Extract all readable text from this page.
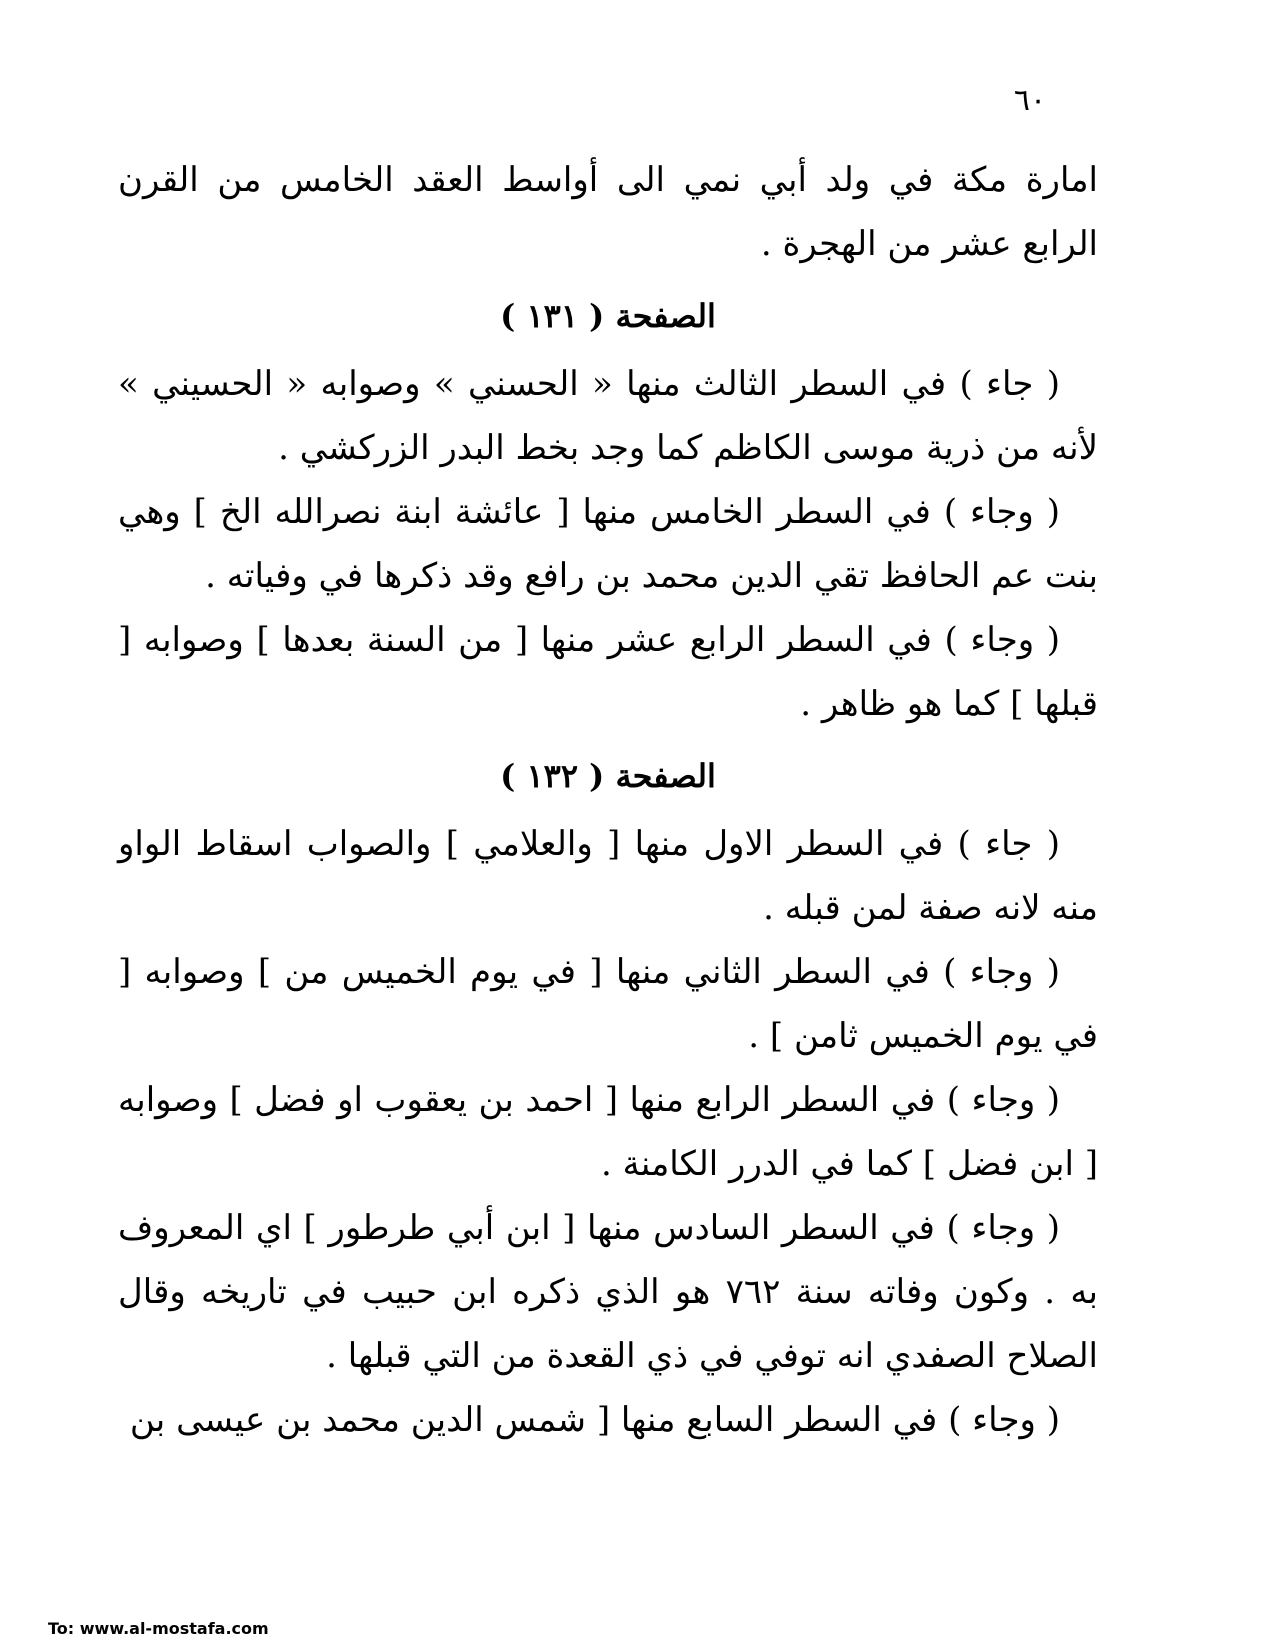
٦٠

امارة مكة في ولد أبي نمي الى أواسط العقد الخامس من القرن الرابع عشر من الهجرة .

الصفحة ( ١٣١ )

( جاء ) في السطر الثالث منها « الحسني » وصوابه « الحسيني » لأنه من ذرية موسى الكاظم كما وجد بخط البدر الزركشي .

( وجاء ) في السطر الخامس منها [ عائشة ابنة نصرالله الخ ] وهي بنت عم الحافظ تقي الدين محمد بن رافع وقد ذكرها في وفياته .

( وجاء ) في السطر الرابع عشر منها [ من السنة بعدها ] وصوابه [ قبلها ] كما هو ظاهر .

الصفحة ( ١٣٢ )

( جاء ) في السطر الاول منها [ والعلامي ] والصواب اسقاط الواو منه لانه صفة لمن قبله .

( وجاء ) في السطر الثاني منها [ في يوم الخميس من ] وصوابه [ في يوم الخميس ثامن ] .

( وجاء ) في السطر الرابع منها [ احمد بن يعقوب او فضل ] وصوابه [ ابن فضل ] كما في الدرر الكامنة .

( وجاء ) في السطر السادس منها [ ابن أبي طرطور ] اي المعروف به . وكون وفاته سنة ٧٦٢ هو الذي ذكره ابن حبيب في تاريخه وقال الصلاح الصفدي انه توفي في ذي القعدة من التي قبلها .

( وجاء ) في السطر السابع منها [ شمس الدين محمد بن عيسى بن

To: www.al-mostafa.com
